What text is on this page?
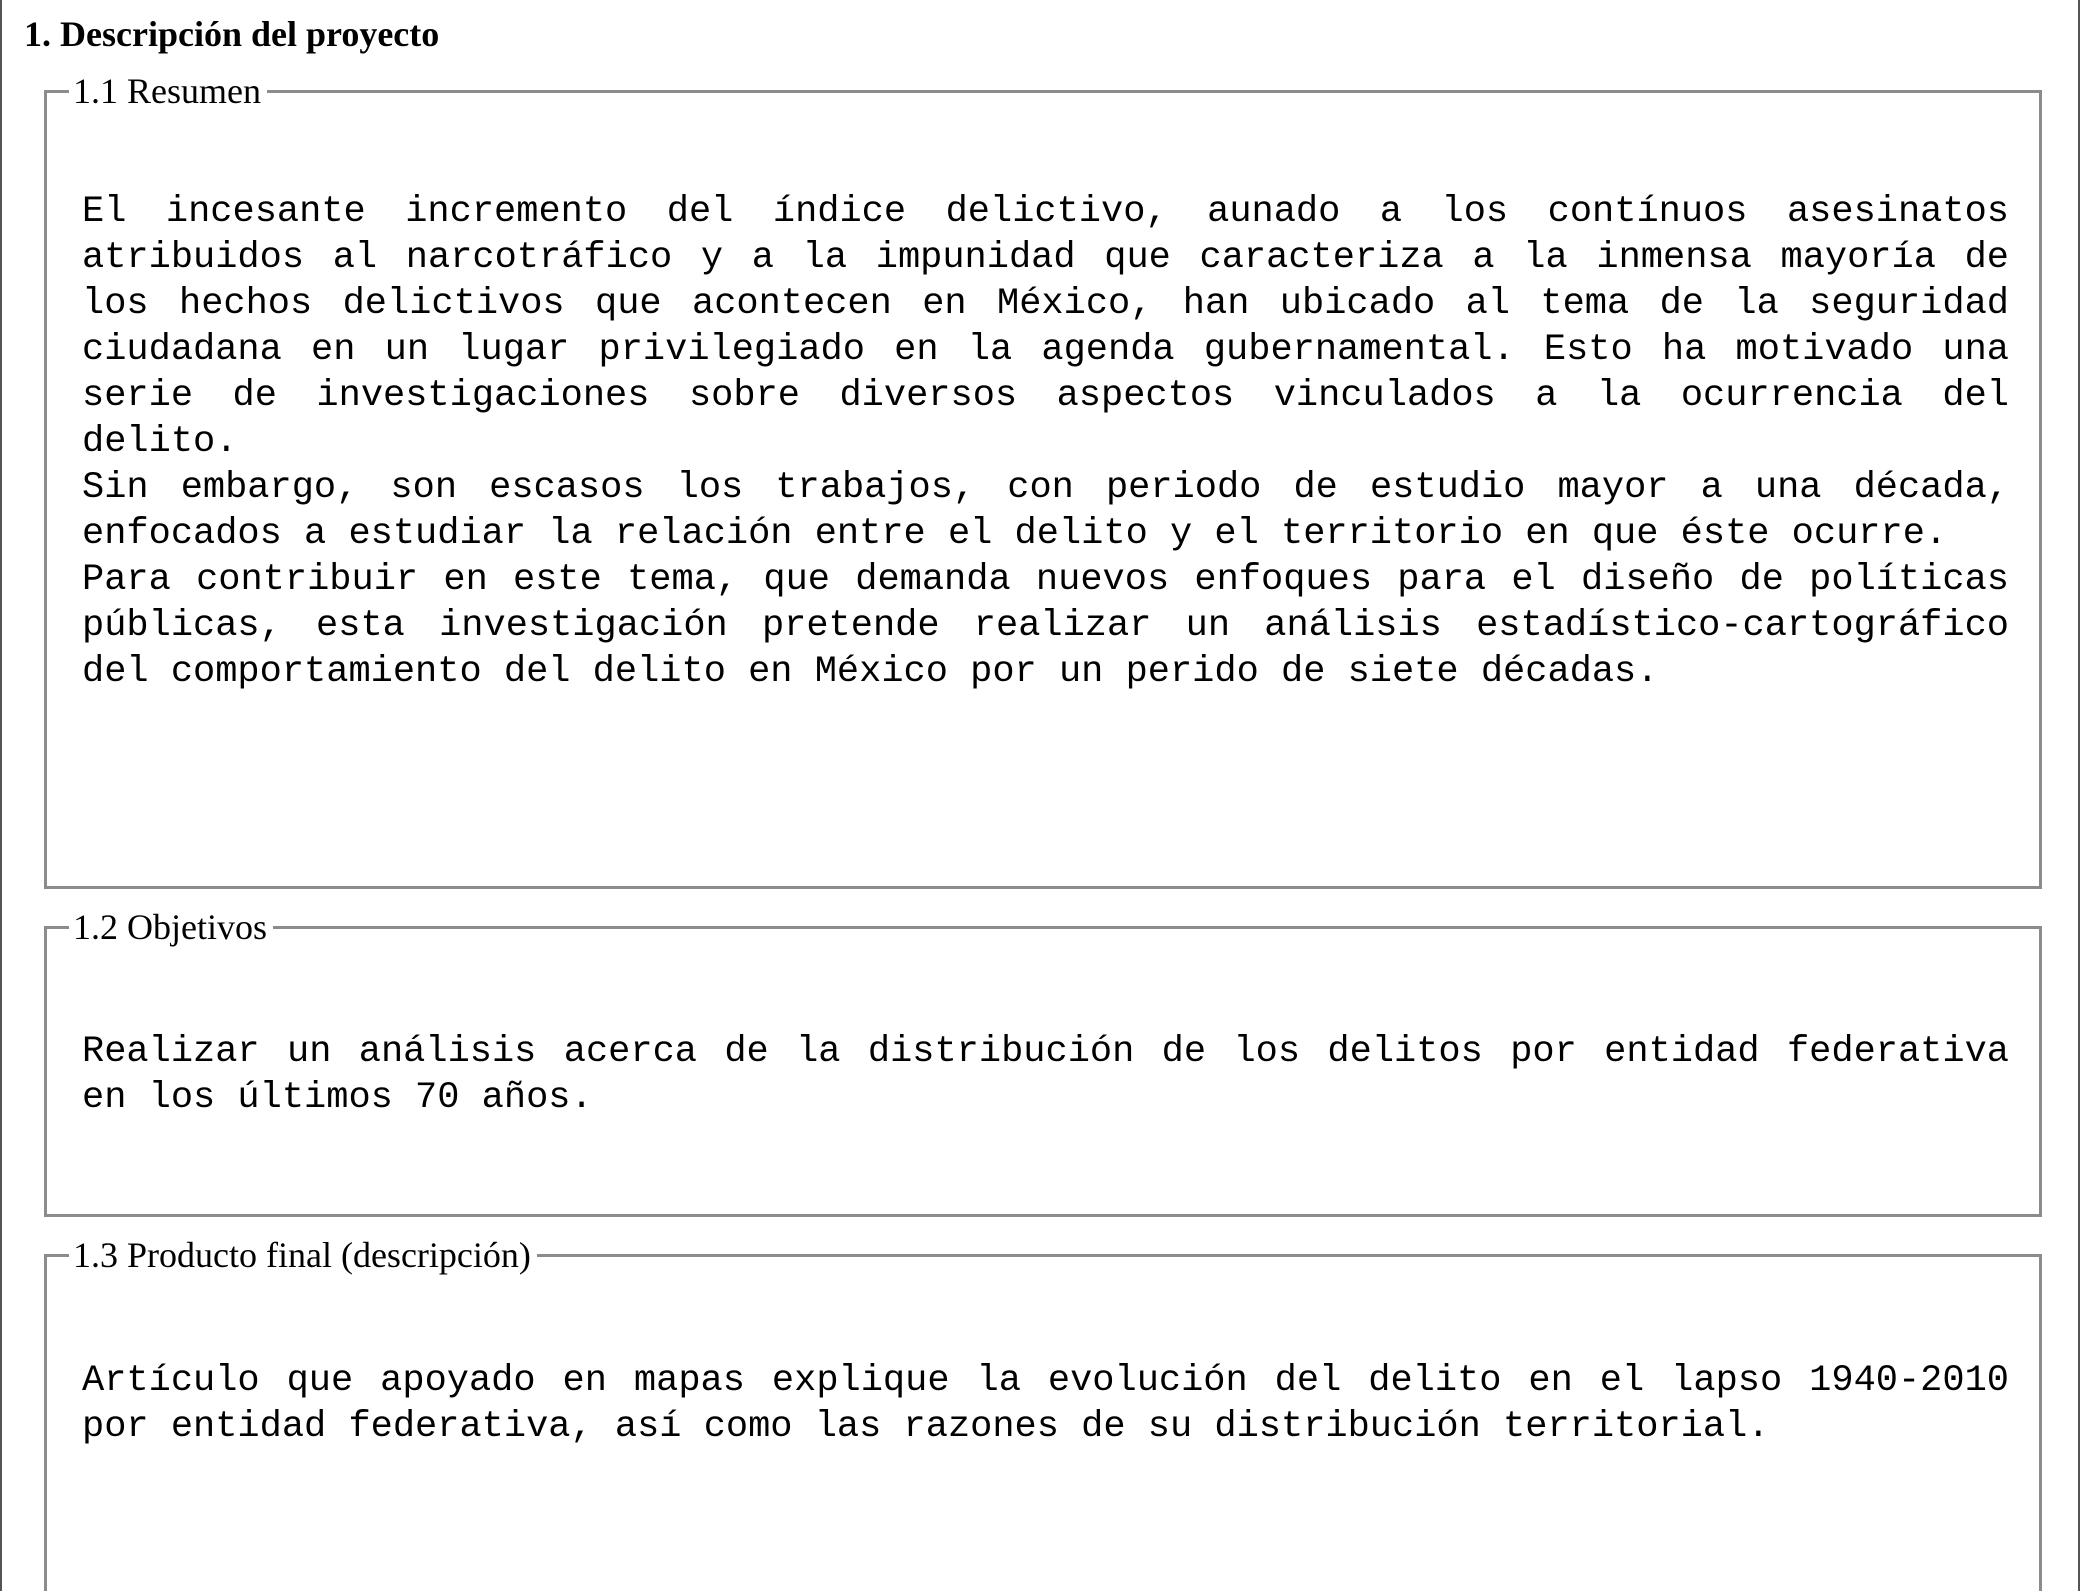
1. Descripción del proyecto
1.1 Resumen

El incesante incremento del índice delictivo, aunado a los contínuos asesinatos atribuidos al narcotráfico y a la impunidad que caracteriza a la inmensa mayoría de los hechos delictivos que acontecen en México, han ubicado al tema de la seguridad ciudadana en un lugar privilegiado en la agenda gubernamental. Esto ha motivado una serie de investigaciones sobre diversos aspectos vinculados a la ocurrencia del delito.

Sin embargo, son escasos los trabajos, con periodo de estudio mayor a una década, enfocados a estudiar la relación entre el delito y el territorio en que éste ocurre.

Para contribuir en este tema, que demanda nuevos enfoques para el diseño de políticas públicas, esta investigación pretende realizar un análisis estadístico-cartográfico del comportamiento del delito en México por un perido de siete décadas.

1.2 Objetivos

Realizar un análisis acerca de la distribución de los delitos por entidad federativa en los últimos 70 años.

1.3 Producto final (descripción)

Artículo que apoyado en mapas explique la evolución del delito en el lapso 1940-2010 por entidad federativa, así como las razones de su distribución territorial.
